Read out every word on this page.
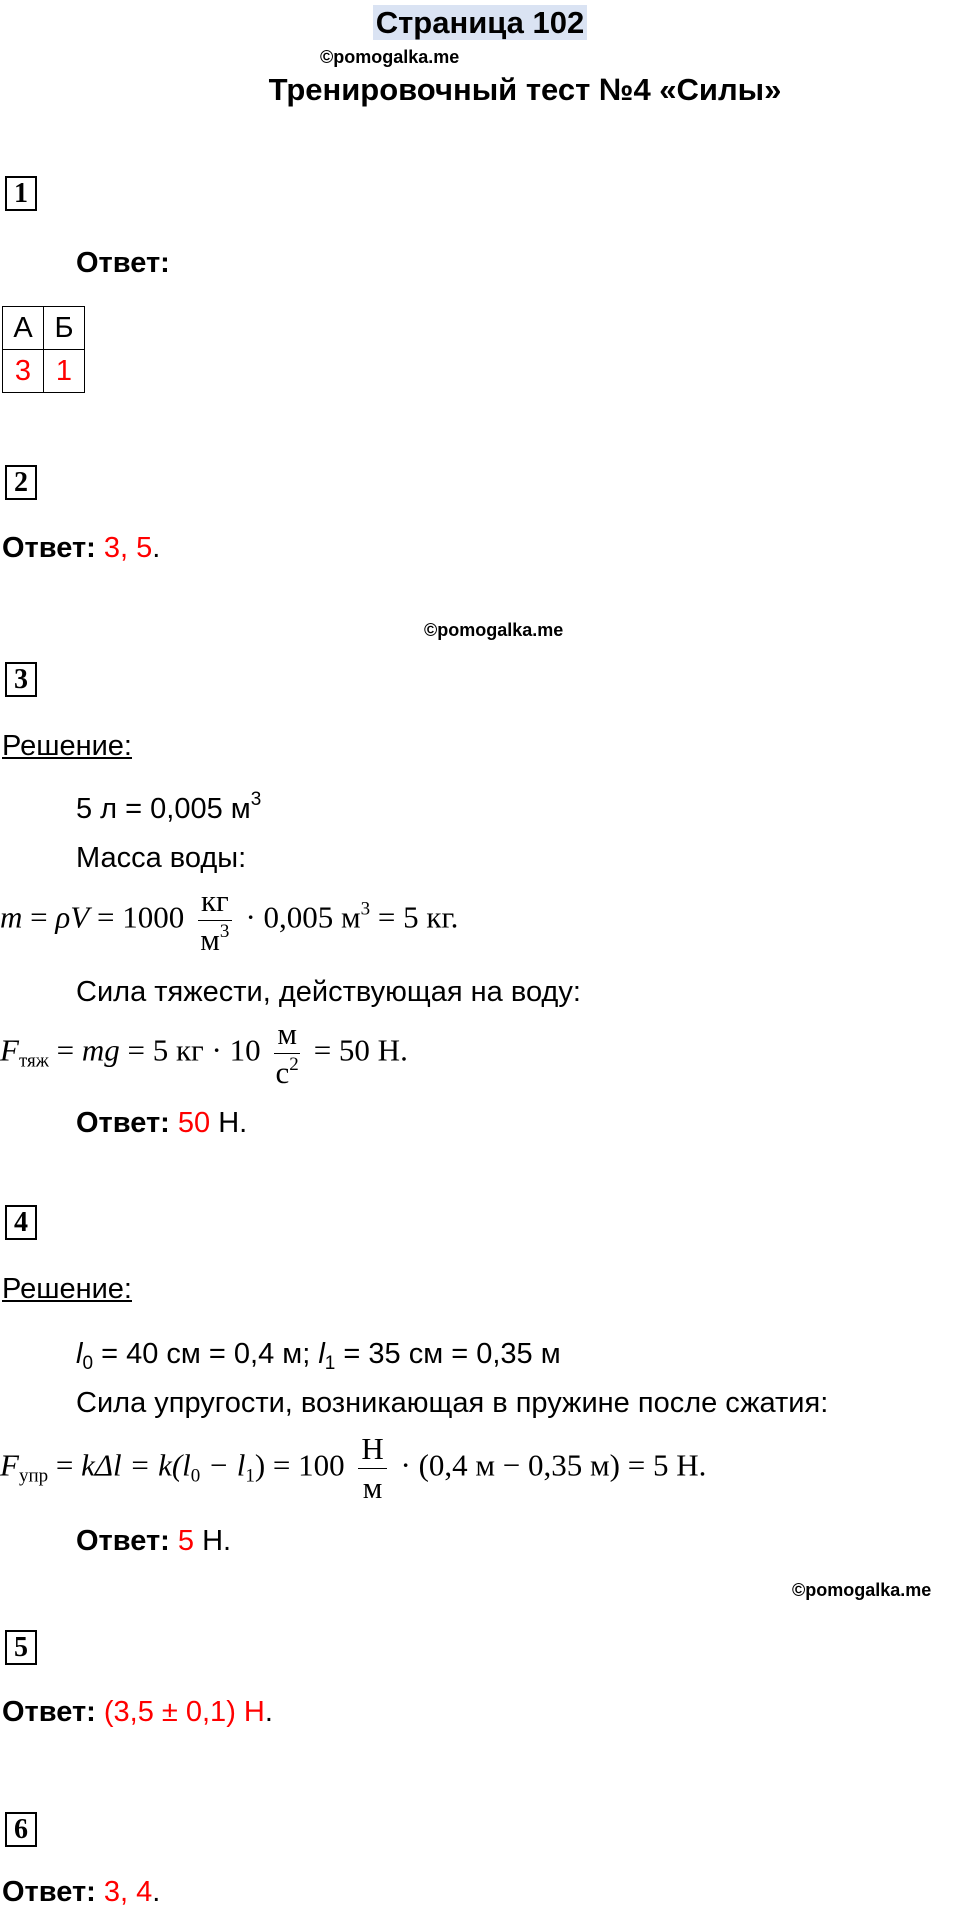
Страница 102
©pomogalka.me
Тренировочный тест №4 «Силы»
1
Ответ:
А	Б
3	1
2
Ответ: 3, 5.
©pomogalka.me
3
Решение:
5 л = 0,005 $м^3$
Масса воды:
$m = \rho V = 1000 \frac{кг}{м^3} \cdot 0,005$ $м^3 = 5$ кг.
Сила тяжести, действующая на воду:
$F_{тяж}$ = mg = 5 кг · $10 \frac{м}{с^2} = 50$ Н.
Ответ: 50 Н.
4
Решение:
$l_0 = 40$ см = 0,4 м; $l_1 = 35$ см = 0,35 м
Сила упругости, возникающая в пружине после сжатия:
$F_{упр} = k\Delta l = k(l_0 - l_1) = 100 \frac{Н}{м} \cdot (0,4$ м − 0,35 м) = 5 Н.
Ответ: 5 Н.
©pomogalka.me
5
Ответ: (3,5 ± 0,1) Н.
6
Ответ: 3, 4.
